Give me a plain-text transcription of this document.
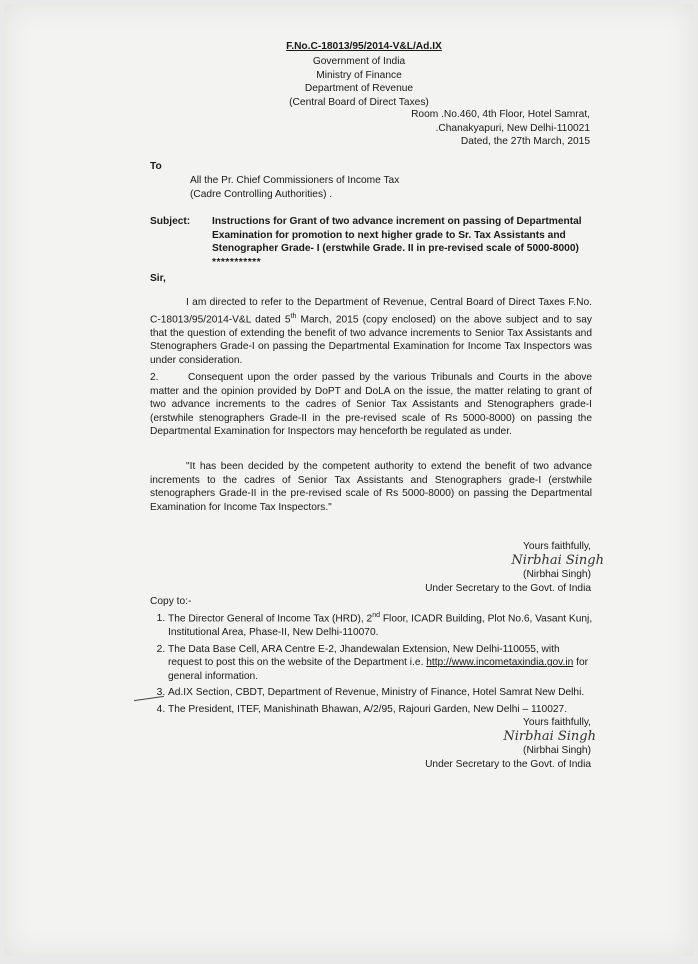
F.No.C-18013/95/2014-V&L/Ad.IX
Government of India
Ministry of Finance
Department of Revenue
(Central Board of Direct Taxes)
Room .No.460, 4th Floor, Hotel Samrat,
.Chanakyapuri, New Delhi-110021
Dated, the 27th March, 2015
To
All the Pr. Chief Commissioners of Income Tax
(Cadre Controlling Authorities) .
Subject: Instructions for Grant of two advance increment on passing of Departmental Examination for promotion to next higher grade to Sr. Tax Assistants and Stenographer Grade- I (erstwhile Grade. II in pre-revised scale of 5000-8000)
***********
Sir,
I am directed to refer to the Department of Revenue, Central Board of Direct Taxes F.No. C-18013/95/2014-V&L dated 5th March, 2015 (copy enclosed) on the above subject and to say that the question of extending the benefit of two advance increments to Senior Tax Assistants and Stenographers Grade-I on passing the Departmental Examination for Income Tax Inspectors was under consideration.
2.	Consequent upon the order passed by the various Tribunals and Courts in the above matter and the opinion provided by DoPT and DoLA on the issue, the matter relating to grant of two advance increments to the cadres of Senior Tax Assistants and Stenographers grade-I (erstwhile stenographers Grade-II in the pre-revised scale of Rs 5000-8000) on passing the Departmental Examination for Inspectors may henceforth be regulated as under.
"It has been decided by the competent authority to extend the benefit of two advance increments to the cadres of Senior Tax Assistants and Stenographers grade-I (erstwhile stenographers Grade-II in the pre-revised scale of Rs 5000-8000) on passing the Departmental Examination for Income Tax Inspectors."
Yours faithfully,
Nirbhai Singh
(Nirbhai Singh)
Under Secretary to the Govt. of India
Copy to:-
1. The Director General of Income Tax (HRD), 2nd Floor, ICADR Building, Plot No.6, Vasant Kunj, Institutional Area, Phase-II, New Delhi-110070.
2. The Data Base Cell, ARA Centre E-2, Jhandewalan Extension, New Delhi-110055, with request to post this on the website of the Department i.e. http://www.incometaxindia.gov.in for general information.
3. Ad.IX Section, CBDT, Department of Revenue, Ministry of Finance, Hotel Samrat New Delhi.
4. The President, ITEF, Manishinath Bhawan, A/2/95, Rajouri Garden, New Delhi – 110027.
Yours faithfully,
Nirbhai Singh
(Nirbhai Singh)
Under Secretary to the Govt. of India
